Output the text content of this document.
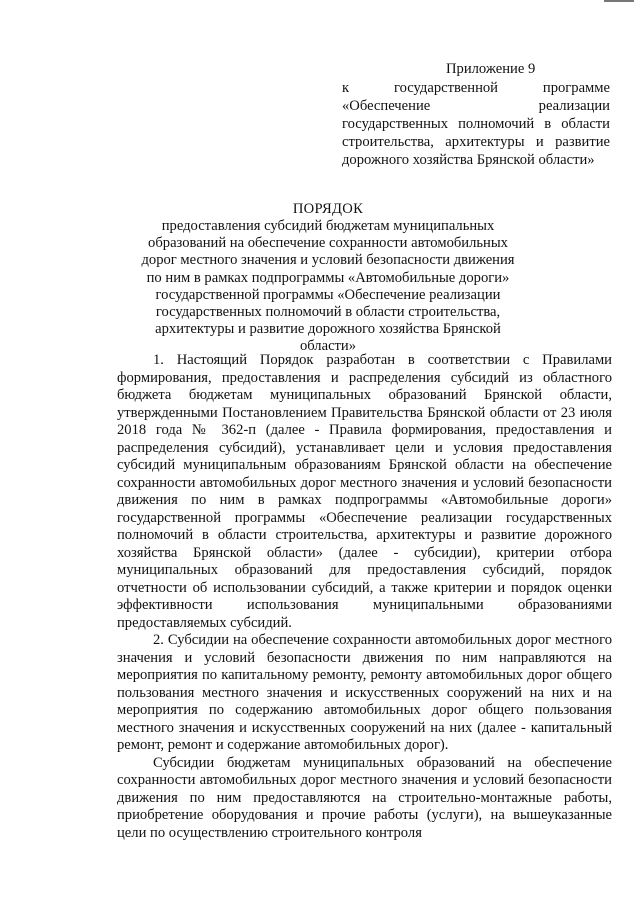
Приложение 9
к государственной программе «Обеспечение реализации государственных полномочий в области строительства, архитектуры и развитие дорожного хозяйства Брянской области»
ПОРЯДОК
предоставления субсидий бюджетам муниципальных образований на обеспечение сохранности автомобильных дорог местного значения и условий безопасности движения по ним в рамках подпрограммы «Автомобильные дороги» государственной программы «Обеспечение реализации государственных полномочий в области строительства, архитектуры и развитие дорожного хозяйства Брянской области»

1. Настоящий Порядок разработан в соответствии с Правилами формирования, предоставления и распределения субсидий из областного бюджета бюджетам муниципальных образований Брянской области, утвержденными Постановлением Правительства Брянской области от 23 июля 2018 года № 362-п (далее - Правила формирования, предоставления и распределения субсидий), устанавливает цели и условия предоставления субсидий муниципальным образованиям Брянской области на обеспечение сохранности автомобильных дорог местного значения и условий безопасности движения по ним в рамках подпрограммы «Автомобильные дороги» государственной программы «Обеспечение реализации государственных полномочий в области строительства, архитектуры и развитие дорожного хозяйства Брянской области» (далее - субсидии), критерии отбора муниципальных образований для предоставления субсидий, порядок отчетности об использовании субсидий, а также критерии и порядок оценки эффективности использования муниципальными образованиями предоставляемых субсидий.

2. Субсидии на обеспечение сохранности автомобильных дорог местного значения и условий безопасности движения по ним направляются на мероприятия по капитальному ремонту, ремонту автомобильных дорог общего пользования местного значения и искусственных сооружений на них и на мероприятия по содержанию автомобильных дорог общего пользования местного значения и искусственных сооружений на них (далее - капитальный ремонт, ремонт и содержание автомобильных дорог).

Субсидии бюджетам муниципальных образований на обеспечение сохранности автомобильных дорог местного значения и условий безопасности движения по ним предоставляются на строительно-монтажные работы, приобретение оборудования и прочие работы (услуги), на вышеуказанные цели по осуществлению строительного контроля
